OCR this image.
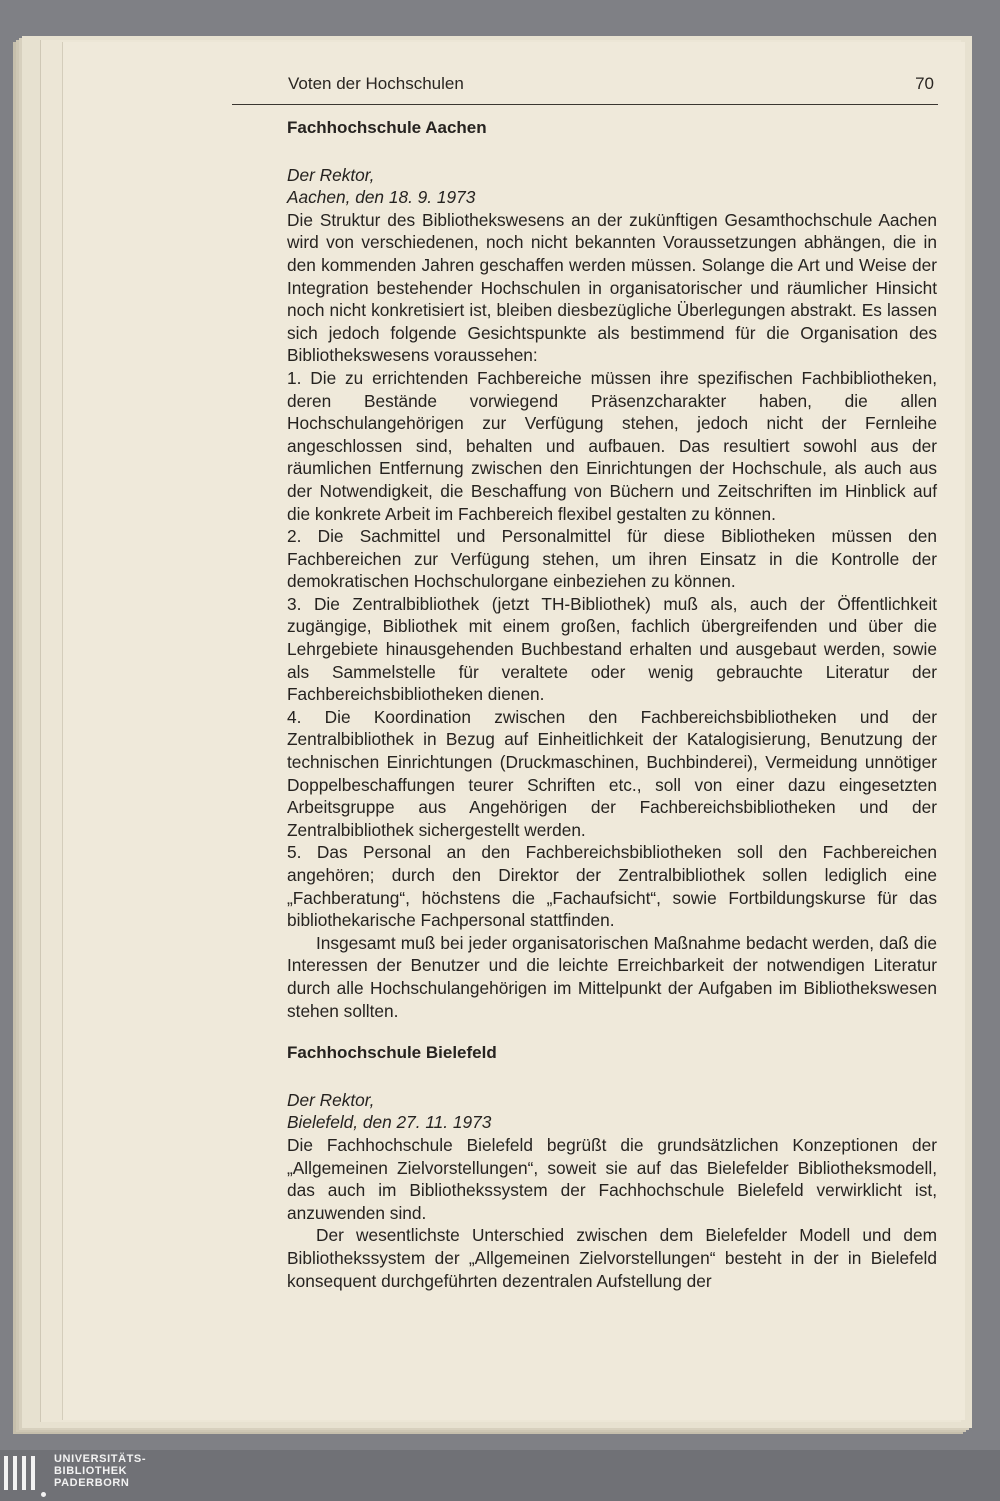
Voten der Hochschulen	70
Fachhochschule Aachen

Der Rektor,

Aachen, den 18. 9. 1973

Die Struktur des Bibliothekswesens an der zukünftigen Gesamthochschule Aachen wird von verschiedenen, noch nicht bekannten Voraussetzungen abhängen, die in den kommenden Jahren geschaffen werden müssen. Solange die Art und Weise der Integration bestehender Hochschulen in organisatorischer und räumlicher Hinsicht noch nicht konkretisiert ist, bleiben diesbezügliche Überlegungen abstrakt. Es lassen sich jedoch folgende Gesichtspunkte als bestimmend für die Organisation des Bibliothekswesens voraussehen:

1. Die zu errichtenden Fachbereiche müssen ihre spezifischen Fachbibliotheken, deren Bestände vorwiegend Präsenzcharakter haben, die allen Hochschulangehörigen zur Verfügung stehen, jedoch nicht der Fernleihe angeschlossen sind, behalten und aufbauen. Das resultiert sowohl aus der räumlichen Entfernung zwischen den Einrichtungen der Hochschule, als auch aus der Notwendigkeit, die Beschaffung von Büchern und Zeitschriften im Hinblick auf die konkrete Arbeit im Fachbereich flexibel gestalten zu können.

2. Die Sachmittel und Personalmittel für diese Bibliotheken müssen den Fachbereichen zur Verfügung stehen, um ihren Einsatz in die Kontrolle der demokratischen Hochschulorgane einbeziehen zu können.

3. Die Zentralbibliothek (jetzt TH-Bibliothek) muß als, auch der Öffentlichkeit zugängige, Bibliothek mit einem großen, fachlich übergreifenden und über die Lehrgebiete hinausgehenden Buchbestand erhalten und ausgebaut werden, sowie als Sammelstelle für veraltete oder wenig gebrauchte Literatur der Fachbereichsbibliotheken dienen.

4. Die Koordination zwischen den Fachbereichsbibliotheken und der Zentralbibliothek in Bezug auf Einheitlichkeit der Katalogisierung, Benutzung der technischen Einrichtungen (Druckmaschinen, Buchbinderei), Vermeidung unnötiger Doppelbeschaffungen teurer Schriften etc., soll von einer dazu eingesetzten Arbeitsgruppe aus Angehörigen der Fachbereichsbibliotheken und der Zentralbibliothek sichergestellt werden.

5. Das Personal an den Fachbereichsbibliotheken soll den Fachbereichen angehören; durch den Direktor der Zentralbibliothek sollen lediglich eine „Fachberatung“, höchstens die „Fachaufsicht“, sowie Fortbildungskurse für das bibliothekarische Fachpersonal stattfinden.

Insgesamt muß bei jeder organisatorischen Maßnahme bedacht werden, daß die Interessen der Benutzer und die leichte Erreichbarkeit der notwendigen Literatur durch alle Hochschulangehörigen im Mittelpunkt der Aufgaben im Bibliothekswesen stehen sollten.

Fachhochschule Bielefeld

Der Rektor,

Bielefeld, den 27. 11. 1973

Die Fachhochschule Bielefeld begrüßt die grundsätzlichen Konzeptionen der „Allgemeinen Zielvorstellungen“, soweit sie auf das Bielefelder Bibliotheksmodell, das auch im Bibliothekssystem der Fachhochschule Bielefeld verwirklicht ist, anzuwenden sind.

Der wesentlichste Unterschied zwischen dem Bielefelder Modell und dem Bibliothekssystem der „Allgemeinen Zielvorstellungen“ besteht in der in Bielefeld konsequent durchgeführten dezentralen Aufstellung der

UNIVERSITÄTS-
BIBLIOTHEK
PADERBORN
